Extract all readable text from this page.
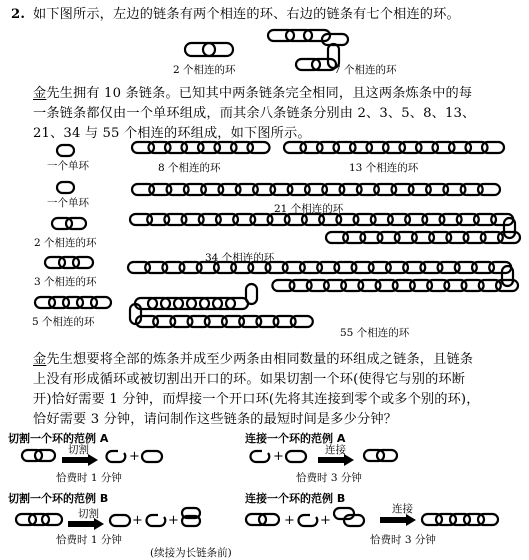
2. 如下图所示，左边的链条有两个相连的环、右边的链条有七个相连的环。
2 个相连的环	7 个相连的环
金先生拥有 10 条链条。已知其中两条链条完全相同，且这两条炼条中的每
一条链条都仅由一个单环组成，而其余八条链条分别由 2、3、5、8、13、
21、34 与 55 个相连的环组成，如下图所示。
一个单环
一个单环
2 个相连的环
3 个相连的环
5 个相连的环
8 个相连的环	13 个相连的环
21 个相连的环
34 个相连的环
55 个相连的环
金先生想要将全部的炼条并成至少两条由相同数量的环组成之链条，且链条
上没有形成循环或被切割出开口的环。如果切割一个环(使得它与别的环断
开)恰好需要 1 分钟，而焊接一个开口环(先将其连接到零个或多个别的环)，
恰好需要 3 分钟，请问制作这些链条的最短时间是多少分钟？
切割一个环的范例 A
切割	+
恰费时 1 分钟
连接一个环的范例 A
+	连接
恰费时 3 分钟
切割一个环的范例 B
切割	+ +
恰费时 1 分钟
连接一个环的范例 B
+ +
连接
恰费时 3 分钟
(续接为长链条前)
